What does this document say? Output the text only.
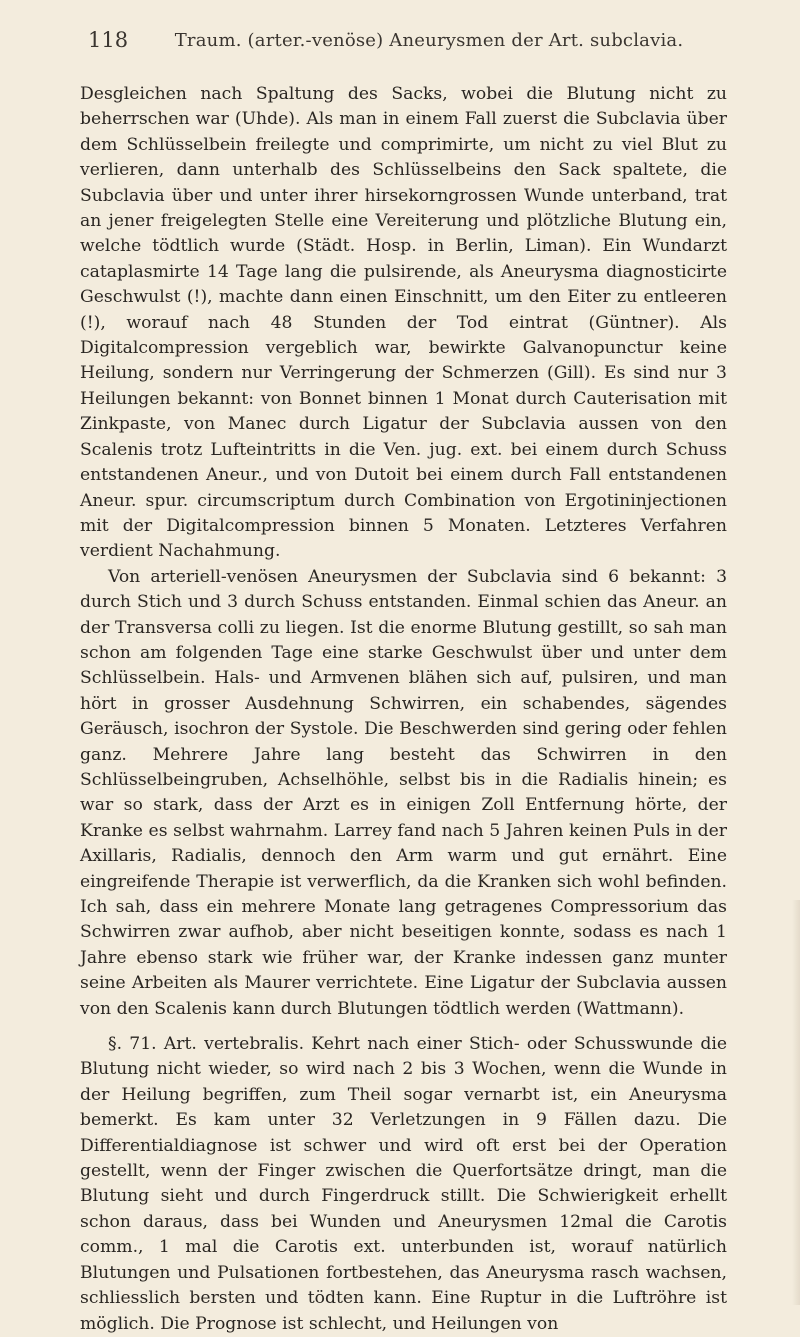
118	Traum. (arter.-venöse) Aneurysmen der Art. subclavia.

Desgleichen nach Spaltung des Sacks, wobei die Blutung nicht zu beherrschen war (Uhde). Als man in einem Fall zuerst die Subclavia über dem Schlüsselbein freilegte und comprimirte, um nicht zu viel Blut zu verlieren, dann unterhalb des Schlüsselbeins den Sack spaltete, die Subclavia über und unter ihrer hirsekorngrossen Wunde unterband, trat an jener freigelegten Stelle eine Vereiterung und plötzliche Blutung ein, welche tödtlich wurde (Städt. Hosp. in Berlin, Liman). Ein Wundarzt cataplasmirte 14 Tage lang die pulsirende, als Aneurysma diagnosticirte Geschwulst (!), machte dann einen Einschnitt, um den Eiter zu entleeren (!), worauf nach 48 Stunden der Tod eintrat (Güntner). Als Digitalcompression vergeblich war, bewirkte Galvanopunctur keine Heilung, sondern nur Verringerung der Schmerzen (Gill). Es sind nur 3 Heilungen bekannt: von Bonnet binnen 1 Monat durch Cauterisation mit Zinkpaste, von Manec durch Ligatur der Subclavia aussen von den Scalenis trotz Lufteintritts in die Ven. jug. ext. bei einem durch Schuss entstandenen Aneur., und von Dutoit bei einem durch Fall entstandenen Aneur. spur. circumscriptum durch Combination von Ergotininjectionen mit der Digitalcompression binnen 5 Monaten. Letzteres Verfahren verdient Nachahmung.

Von arteriell-venösen Aneurysmen der Subclavia sind 6 bekannt: 3 durch Stich und 3 durch Schuss entstanden. Einmal schien das Aneur. an der Transversa colli zu liegen. Ist die enorme Blutung gestillt, so sah man schon am folgenden Tage eine starke Geschwulst über und unter dem Schlüsselbein. Hals- und Armvenen blähen sich auf, pulsiren, und man hört in grosser Ausdehnung Schwirren, ein schabendes, sägendes Geräusch, isochron der Systole. Die Beschwerden sind gering oder fehlen ganz. Mehrere Jahre lang besteht das Schwirren in den Schlüsselbeingruben, Achselhöhle, selbst bis in die Radialis hinein; es war so stark, dass der Arzt es in einigen Zoll Entfernung hörte, der Kranke es selbst wahrnahm. Larrey fand nach 5 Jahren keinen Puls in der Axillaris, Radialis, dennoch den Arm warm und gut ernährt. Eine eingreifende Therapie ist verwerflich, da die Kranken sich wohl befinden. Ich sah, dass ein mehrere Monate lang getragenes Compressorium das Schwirren zwar aufhob, aber nicht beseitigen konnte, sodass es nach 1 Jahre ebenso stark wie früher war, der Kranke indessen ganz munter seine Arbeiten als Maurer verrichtete. Eine Ligatur der Subclavia aussen von den Scalenis kann durch Blutungen tödtlich werden (Wattmann).

§. 71. Art. vertebralis. Kehrt nach einer Stich- oder Schusswunde die Blutung nicht wieder, so wird nach 2 bis 3 Wochen, wenn die Wunde in der Heilung begriffen, zum Theil sogar vernarbt ist, ein Aneurysma bemerkt. Es kam unter 32 Verletzungen in 9 Fällen dazu. Die Differentialdiagnose ist schwer und wird oft erst bei der Operation gestellt, wenn der Finger zwischen die Querfortsätze dringt, man die Blutung sieht und durch Fingerdruck stillt. Die Schwierigkeit erhellt schon daraus, dass bei Wunden und Aneurysmen 12mal die Carotis comm., 1 mal die Carotis ext. unterbunden ist, worauf natürlich Blutungen und Pulsationen fortbestehen, das Aneurysma rasch wachsen, schliesslich bersten und tödten kann. Eine Ruptur in die Luftröhre ist möglich. Die Prognose ist schlecht, und Heilungen von
